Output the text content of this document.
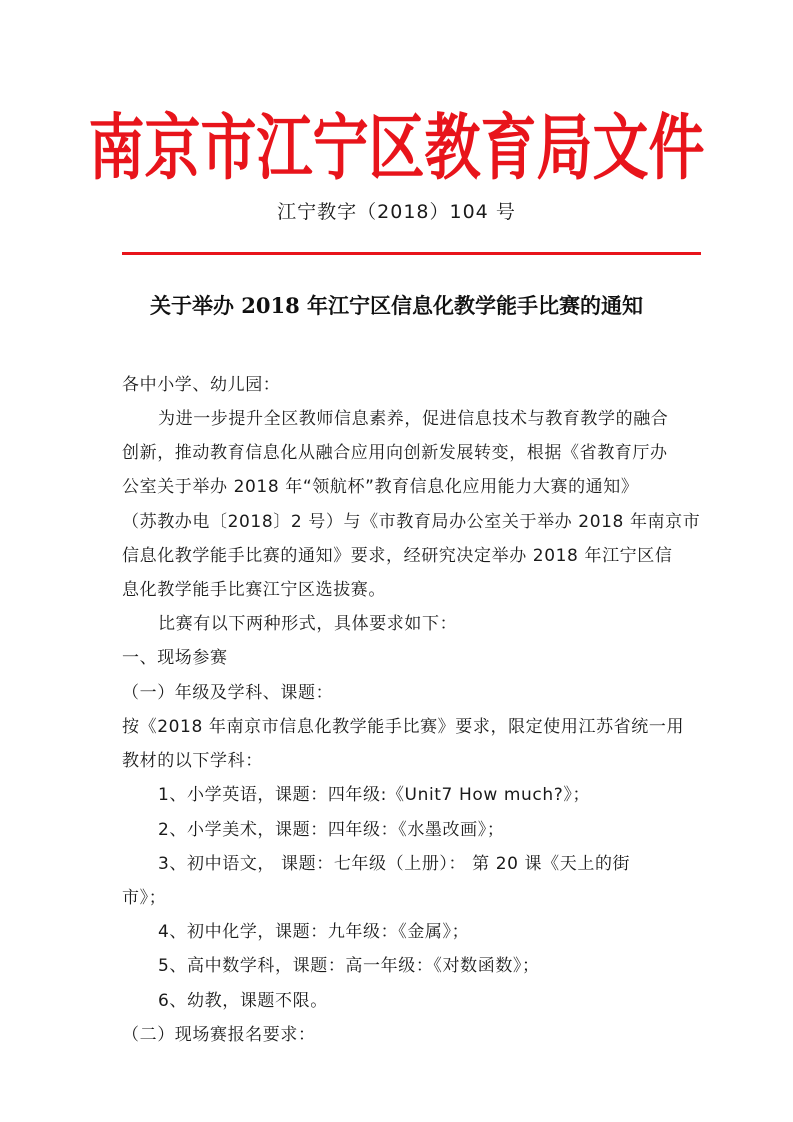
南京市江宁区教育局文件
江宁教字（2018）104 号
关于举办 2018 年江宁区信息化教学能手比赛的通知
各中小学、幼儿园：
为进一步提升全区教师信息素养，促进信息技术与教育教学的融合
创新，推动教育信息化从融合应用向创新发展转变，根据《省教育厅办
公室关于举办 2018 年“领航杯”教育信息化应用能力大赛的通知》
（苏教办电〔2018〕2 号）与《市教育局办公室关于举办 2018 年南京市
信息化教学能手比赛的通知》要求，经研究决定举办 2018 年江宁区信
息化教学能手比赛江宁区选拔赛。
比赛有以下两种形式，具体要求如下：
一、现场参赛
（一）年级及学科、课题：
按《2018 年南京市信息化教学能手比赛》要求，限定使用江苏省统一用
教材的以下学科：
1、小学英语，课题：四年级:《Unit7 How much?》；
2、小学美术，课题：四年级：《水墨改画》；
3、初中语文， 课题：七年级（上册）： 第 20 课《天上的街
市》；
4、初中化学，课题：九年级：《金属》；
5、高中数学科，课题：高一年级：《对数函数》；
6、幼教，课题不限。
（二）现场赛报名要求：
